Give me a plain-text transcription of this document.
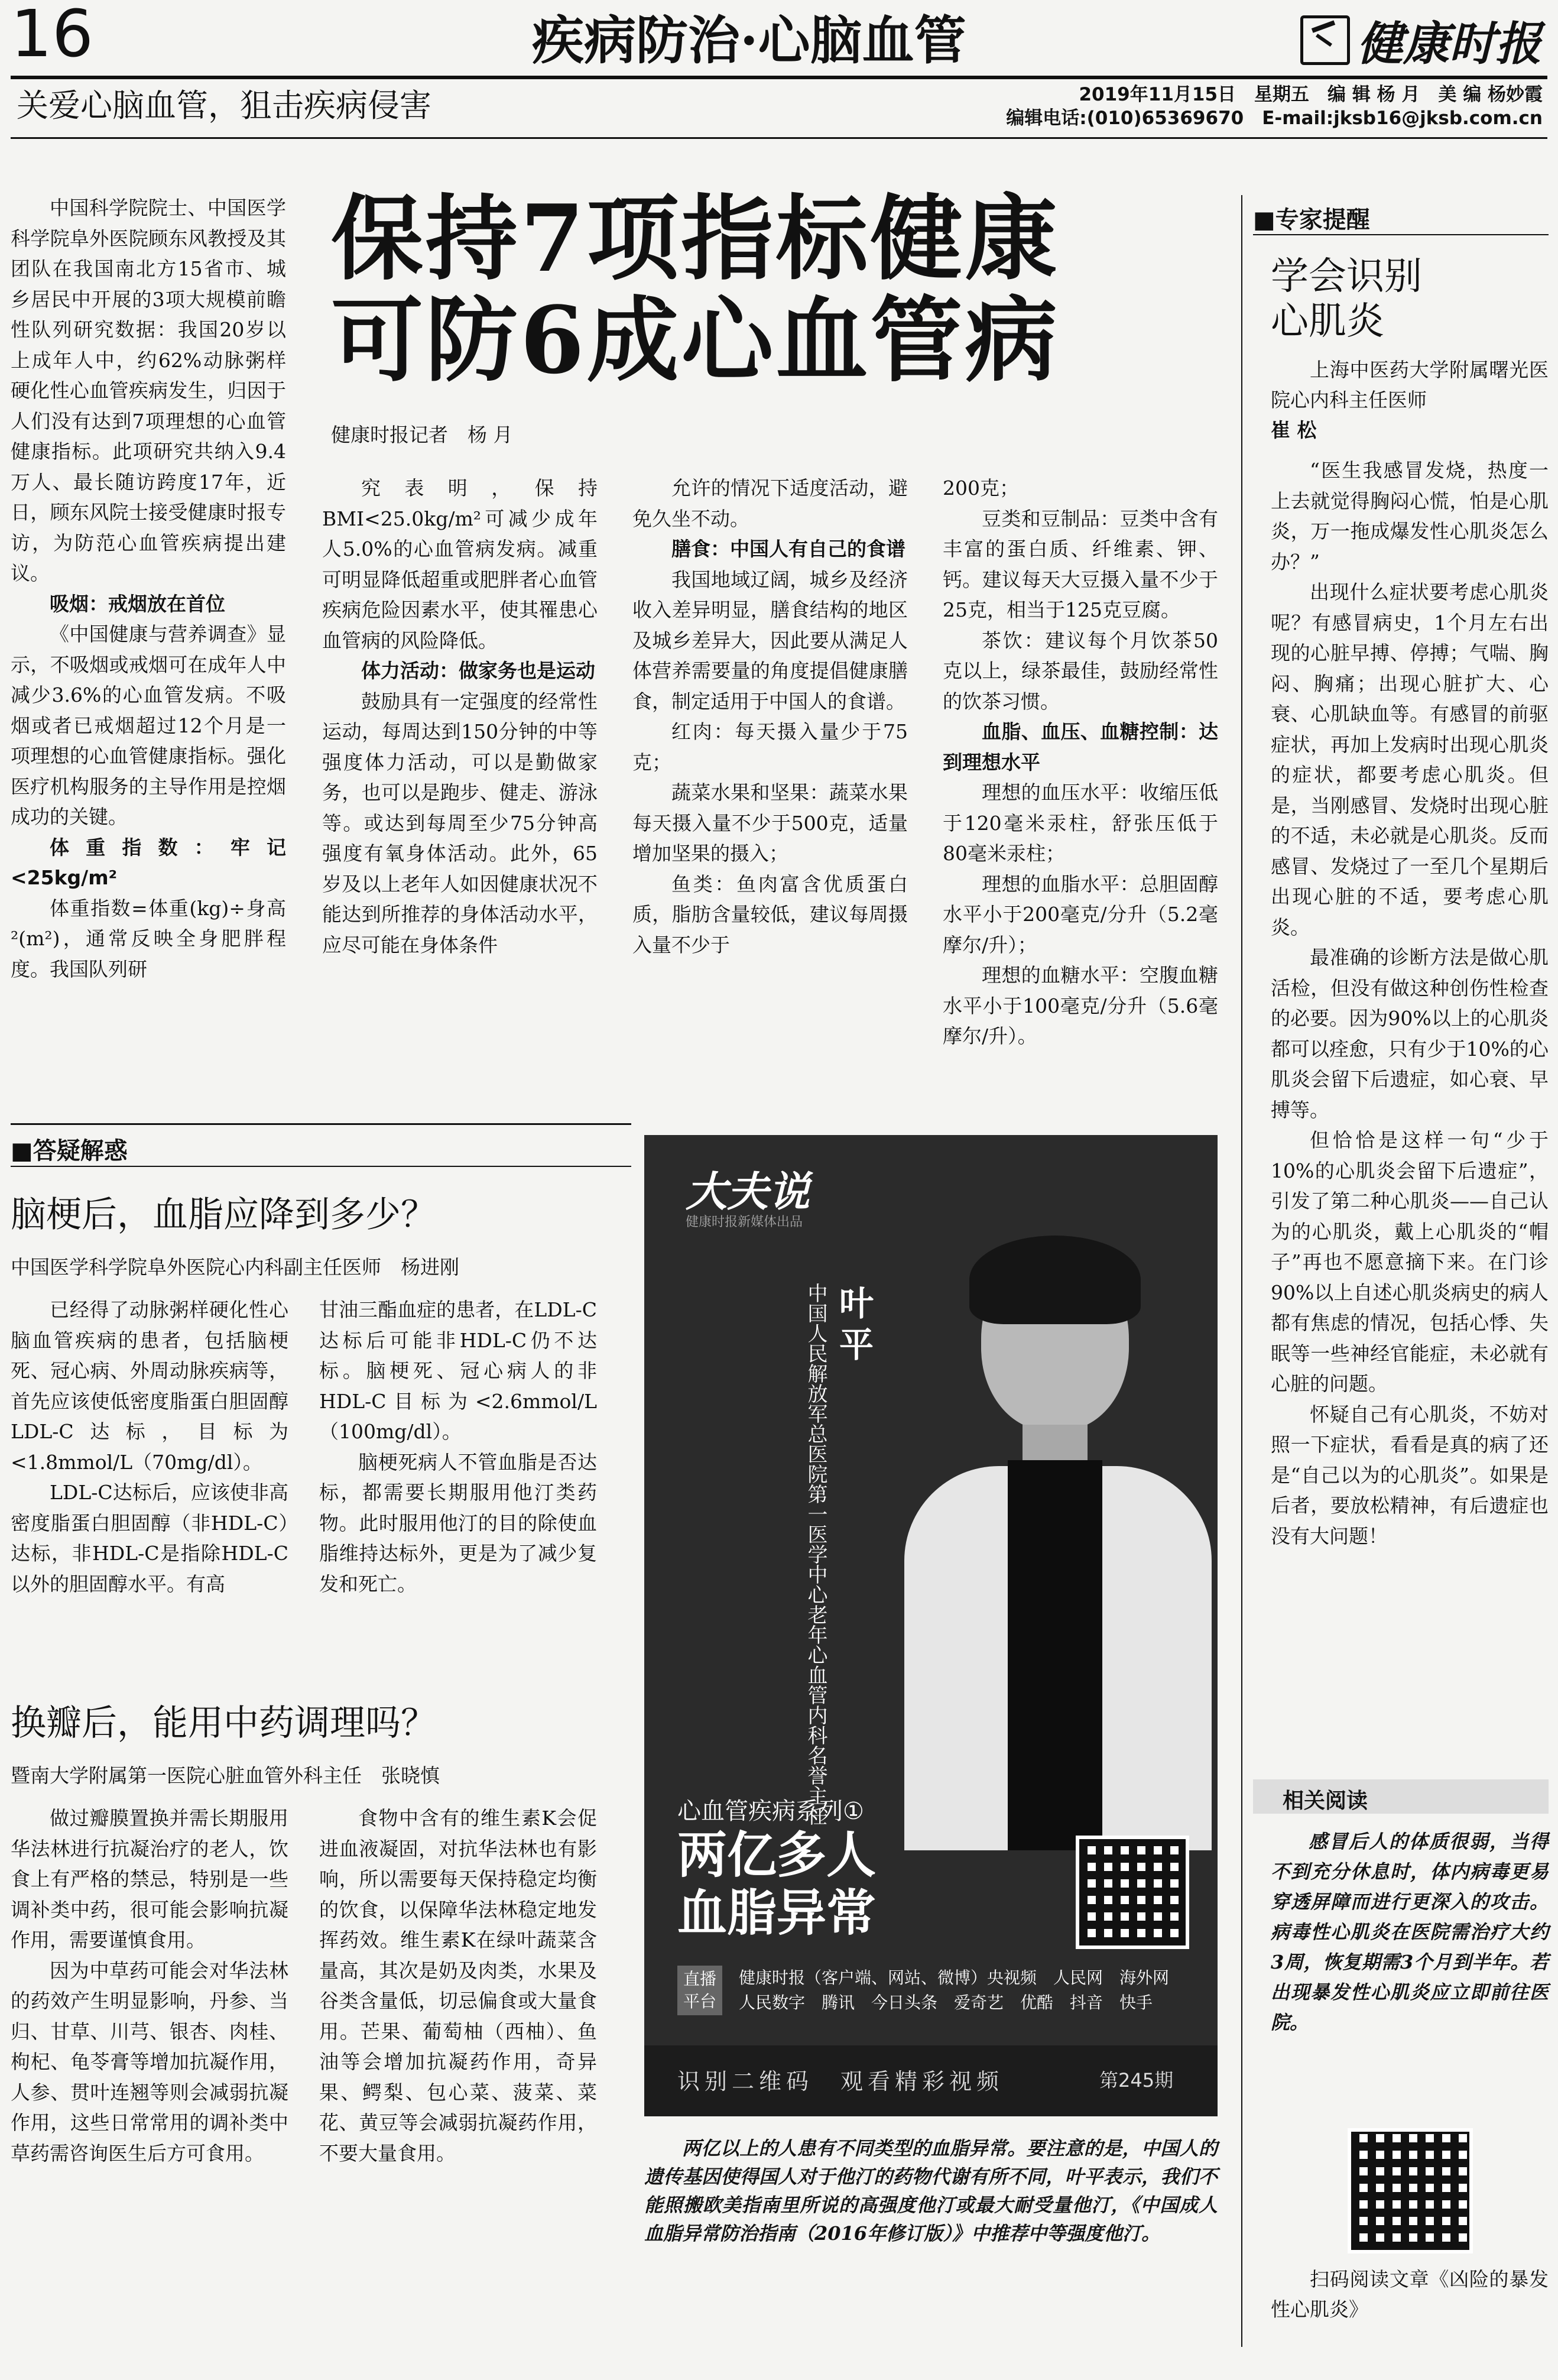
16	疾病防治·心脑血管	健康时报
关爱心脑血管，狙击疾病侵害	2019年11月15日　星期五　编 辑 杨 月　美 编 杨妙霞
编辑电话:(010)65369670　E-mail:jksb16@jksb.com.cn
保持7项指标健康
可防6成心血管病
健康时报记者　杨 月

中国科学院院士、中国医学科学院阜外医院顾东风教授及其团队在我国南北方15省市、城乡居民中开展的3项大规模前瞻性队列研究数据：我国20岁以上成年人中，约62%动脉粥样硬化性心血管疾病发生，归因于人们没有达到7项理想的心血管健康指标。此项研究共纳入9.4万人、最长随访跨度17年，近日，顾东风院士接受健康时报专访，为防范心血管疾病提出建议。

吸烟：戒烟放在首位

《中国健康与营养调查》显示，不吸烟或戒烟可在成年人中减少3.6%的心血管发病。不吸烟或者已戒烟超过12个月是一项理想的心血管健康指标。强化医疗机构服务的主导作用是控烟成功的关键。

体重指数：牢记<25kg/m²

体重指数=体重(kg)÷身高²(m²)，通常反映全身肥胖程度。我国队列研

究表明，保持BMI<25.0kg/m²可减少成年人5.0%的心血管病发病。减重可明显降低超重或肥胖者心血管疾病危险因素水平，使其罹患心血管病的风险降低。

体力活动：做家务也是运动

鼓励具有一定强度的经常性运动，每周达到150分钟的中等强度体力活动，可以是勤做家务，也可以是跑步、健走、游泳等。或达到每周至少75分钟高强度有氧身体活动。此外，65岁及以上老年人如因健康状况不能达到所推荐的身体活动水平，应尽可能在身体条件

允许的情况下适度活动，避免久坐不动。

膳食：中国人有自己的食谱

我国地域辽阔，城乡及经济收入差异明显，膳食结构的地区及城乡差异大，因此要从满足人体营养需要量的角度提倡健康膳食，制定适用于中国人的食谱。

红肉：每天摄入量少于75克；

蔬菜水果和坚果：蔬菜水果每天摄入量不少于500克，适量增加坚果的摄入；

鱼类：鱼肉富含优质蛋白质，脂肪含量较低，建议每周摄入量不少于

200克；

豆类和豆制品：豆类中含有丰富的蛋白质、纤维素、钾、钙。建议每天大豆摄入量不少于25克，相当于125克豆腐。

茶饮：建议每个月饮茶50克以上，绿茶最佳，鼓励经常性的饮茶习惯。

血脂、血压、血糖控制：达到理想水平

理想的血压水平：收缩压低于120毫米汞柱，舒张压低于80毫米汞柱；

理想的血脂水平：总胆固醇水平小于200毫克/分升（5.2毫摩尔/升）；

理想的血糖水平：空腹血糖水平小于100毫克/分升（5.6毫摩尔/升）。

■答疑解惑
脑梗后，血脂应降到多少？
中国医学科学院阜外医院心内科副主任医师　杨进刚

已经得了动脉粥样硬化性心脑血管疾病的患者，包括脑梗死、冠心病、外周动脉疾病等，首先应该使低密度脂蛋白胆固醇LDL-C达标，目标为<1.8mmol/L（70mg/dl）。

LDL-C达标后，应该使非高密度脂蛋白胆固醇（非HDL-C）达标，非HDL-C是指除HDL-C以外的胆固醇水平。有高

甘油三酯血症的患者，在LDL-C达标后可能非HDL-C仍不达标。脑梗死、冠心病人的非HDL-C目标为<2.6mmol/L（100mg/dl）。

脑梗死病人不管血脂是否达标，都需要长期服用他汀类药物。此时服用他汀的目的除使血脂维持达标外，更是为了减少复发和死亡。

换瓣后，能用中药调理吗？
暨南大学附属第一医院心脏血管外科主任　张晓慎

做过瓣膜置换并需长期服用华法林进行抗凝治疗的老人，饮食上有严格的禁忌，特别是一些调补类中药，很可能会影响抗凝作用，需要谨慎食用。

因为中草药可能会对华法林的药效产生明显影响，丹参、当归、甘草、川芎、银杏、肉桂、枸杞、龟苓膏等增加抗凝作用，人参、贯叶连翘等则会减弱抗凝作用，这些日常常用的调补类中草药需咨询医生后方可食用。

食物中含有的维生素K会促进血液凝固，对抗华法林也有影响，所以需要每天保持稳定均衡的饮食，以保障华法林稳定地发挥药效。维生素K在绿叶蔬菜含量高，其次是奶及肉类，水果及谷类含量低，切忌偏食或大量食用。芒果、葡萄柚（西柚）、鱼油等会增加抗凝药作用，奇异果、鳄梨、包心菜、菠菜、菜花、黄豆等会减弱抗凝药作用，不要大量食用。

大夫说
健康时报新媒体出品
叶 平
中国人民解放军总医院第一医学中心老年心血管内科名誉主任
心血管疾病系列①
两亿多人
血脂异常
直播平台
健康时报（客户端、网站、微博）央视频　人民网　海外网
人民数字　腾讯　今日头条　爱奇艺　优酷　抖音　快手
识别二维码　观看精彩视频	第245期
两亿以上的人患有不同类型的血脂异常。要注意的是，中国人的遗传基因使得国人对于他汀的药物代谢有所不同，叶平表示，我们不能照搬欧美指南里所说的高强度他汀或最大耐受量他汀，《中国成人血脂异常防治指南（2016年修订版）》中推荐中等强度他汀。
■专家提醒
学会识别
心肌炎
上海中医药大学附属曙光医院心内科主任医师
崔 松

“医生我感冒发烧，热度一上去就觉得胸闷心慌，怕是心肌炎，万一拖成爆发性心肌炎怎么办？”

出现什么症状要考虑心肌炎呢？有感冒病史，1个月左右出现的心脏早搏、停搏；气喘、胸闷、胸痛；出现心脏扩大、心衰、心肌缺血等。有感冒的前驱症状，再加上发病时出现心肌炎的症状，都要考虑心肌炎。但是，当刚感冒、发烧时出现心脏的不适，未必就是心肌炎。反而感冒、发烧过了一至几个星期后出现心脏的不适，要考虑心肌炎。

最准确的诊断方法是做心肌活检，但没有做这种创伤性检查的必要。因为90%以上的心肌炎都可以痊愈，只有少于10%的心肌炎会留下后遗症，如心衰、早搏等。

但恰恰是这样一句“少于10%的心肌炎会留下后遗症”，引发了第二种心肌炎——自己认为的心肌炎，戴上心肌炎的“帽子”再也不愿意摘下来。在门诊90%以上自述心肌炎病史的病人都有焦虑的情况，包括心悸、失眠等一些神经官能症，未必就有心脏的问题。

怀疑自己有心肌炎，不妨对照一下症状，看看是真的病了还是“自己以为的心肌炎”。如果是后者，要放松精神，有后遗症也没有大问题！

相关阅读
感冒后人的体质很弱，当得不到充分休息时，体内病毒更易穿透屏障而进行更深入的攻击。病毒性心肌炎在医院需治疗大约3周，恢复期需3个月到半年。若出现暴发性心肌炎应立即前往医院。
扫码阅读文章《凶险的暴发性心肌炎》
